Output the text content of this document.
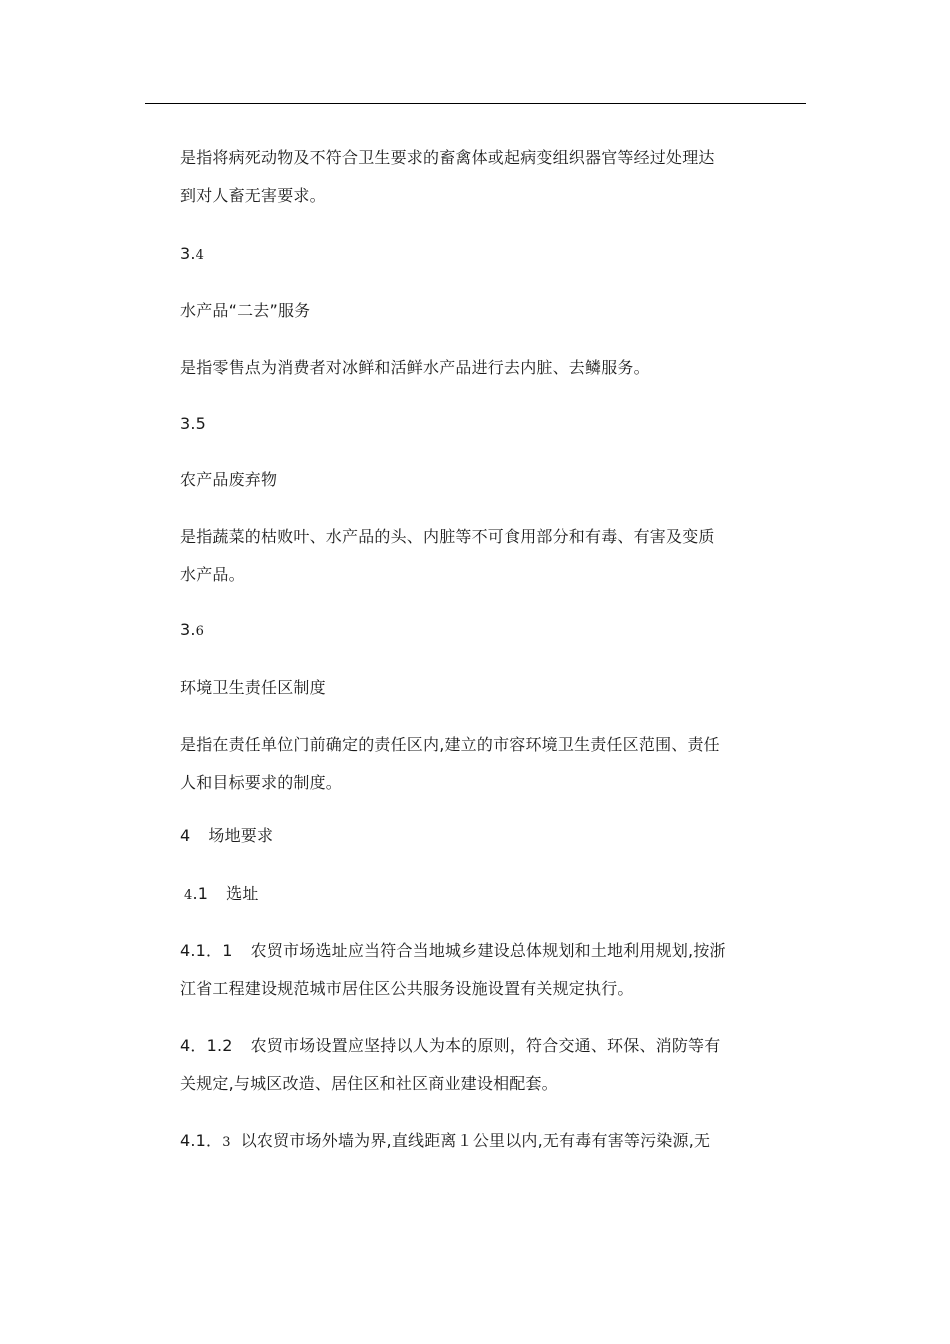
是指将病死动物及不符合卫生要求的畜禽体或起病变组织器官等经过处理达
到对人畜无害要求。
3.4
水产品“二去”服务
是指零售点为消费者对冰鲜和活鲜水产品进行去内脏、去鳞服务。
3.5
农产品废弃物
是指蔬菜的枯败叶、水产品的头、内脏等不可食用部分和有毒、有害及变质
水产品。
3.6
环境卫生责任区制度
是指在责任单位门前确定的责任区内,建立的市容环境卫生责任区范围、责任
人和目标要求的制度。
4 场地要求
4.1 选址
4.1．1 农贸市场选址应当符合当地城乡建设总体规划和土地利用规划,按浙
江省工程建设规范城市居住区公共服务设施设置有关规定执行。
4．1.2 农贸市场设置应坚持以人为本的原则，符合交通、环保、消防等有
关规定,与城区改造、居住区和社区商业建设相配套。
4.1．3 以农贸市场外墙为界,直线距离１公里以内,无有毒有害等污染源,无
